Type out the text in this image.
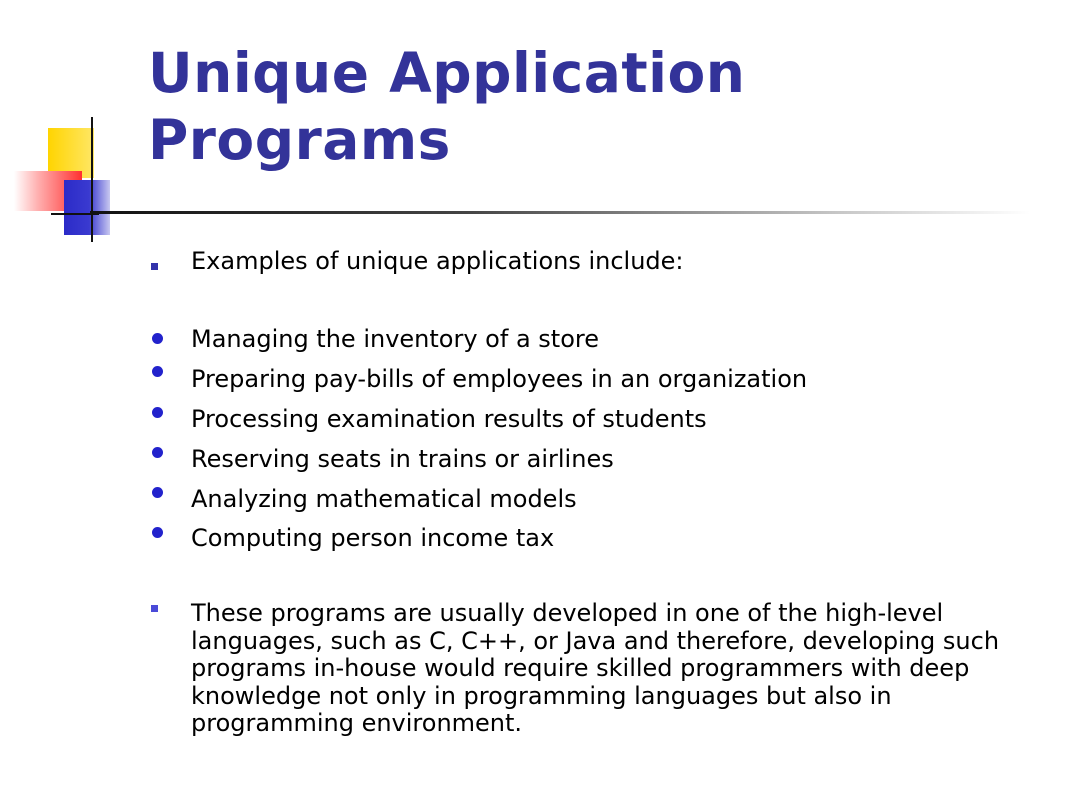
Unique Application
Programs
Examples of unique applications include:
Managing the inventory of a store
Preparing pay-bills of employees in an organization
Processing examination results of students
Reserving seats in trains or airlines
Analyzing mathematical models
Computing person income tax
These programs are usually developed in one of the high-level languages, such as C, C++, or Java and therefore, developing such programs in-house would require skilled programmers with deep knowledge not only in programming languages but also in programming environment.
